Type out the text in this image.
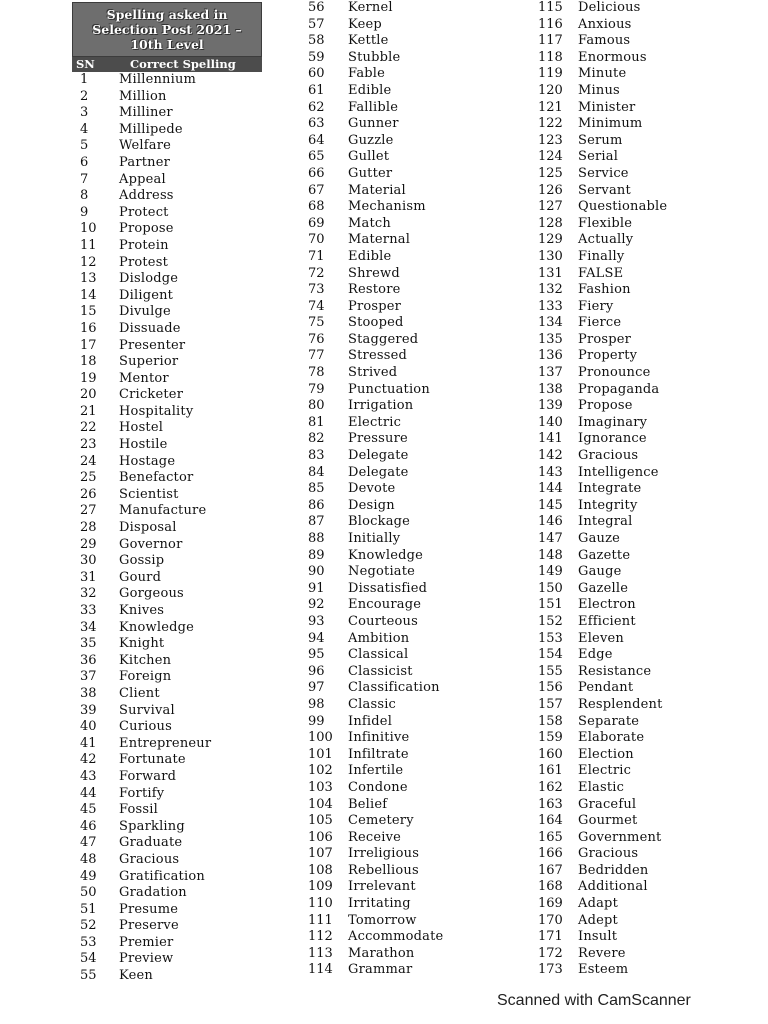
Spelling asked in
Selection Post 2021 –
10th Level
SN	Correct Spelling
1	Millennium
2	Million
3	Milliner
4	Millipede
5	Welfare
6	Partner
7	Appeal
8	Address
9	Protect
10	Propose
11	Protein
12	Protest
13	Dislodge
14	Diligent
15	Divulge
16	Dissuade
17	Presenter
18	Superior
19	Mentor
20	Cricketer
21	Hospitality
22	Hostel
23	Hostile
24	Hostage
25	Benefactor
26	Scientist
27	Manufacture
28	Disposal
29	Governor
30	Gossip
31	Gourd
32	Gorgeous
33	Knives
34	Knowledge
35	Knight
36	Kitchen
37	Foreign
38	Client
39	Survival
40	Curious
41	Entrepreneur
42	Fortunate
43	Forward
44	Fortify
45	Fossil
46	Sparkling
47	Graduate
48	Gracious
49	Gratification
50	Gradation
51	Presume
52	Preserve
53	Premier
54	Preview
55	Keen
56	Kernel
57	Keep
58	Kettle
59	Stubble
60	Fable
61	Edible
62	Fallible
63	Gunner
64	Guzzle
65	Gullet
66	Gutter
67	Material
68	Mechanism
69	Match
70	Maternal
71	Edible
72	Shrewd
73	Restore
74	Prosper
75	Stooped
76	Staggered
77	Stressed
78	Strived
79	Punctuation
80	Irrigation
81	Electric
82	Pressure
83	Delegate
84	Delegate
85	Devote
86	Design
87	Blockage
88	Initially
89	Knowledge
90	Negotiate
91	Dissatisfied
92	Encourage
93	Courteous
94	Ambition
95	Classical
96	Classicist
97	Classification
98	Classic
99	Infidel
100	Infinitive
101	Infiltrate
102	Infertile
103	Condone
104	Belief
105	Cemetery
106	Receive
107	Irreligious
108	Rebellious
109	Irrelevant
110	Irritating
111	Tomorrow
112	Accommodate
113	Marathon
114	Grammar
115	Delicious
116	Anxious
117	Famous
118	Enormous
119	Minute
120	Minus
121	Minister
122	Minimum
123	Serum
124	Serial
125	Service
126	Servant
127	Questionable
128	Flexible
129	Actually
130	Finally
131	FALSE
132	Fashion
133	Fiery
134	Fierce
135	Prosper
136	Property
137	Pronounce
138	Propaganda
139	Propose
140	Imaginary
141	Ignorance
142	Gracious
143	Intelligence
144	Integrate
145	Integrity
146	Integral
147	Gauze
148	Gazette
149	Gauge
150	Gazelle
151	Electron
152	Efficient
153	Eleven
154	Edge
155	Resistance
156	Pendant
157	Resplendent
158	Separate
159	Elaborate
160	Election
161	Electric
162	Elastic
163	Graceful
164	Gourmet
165	Government
166	Gracious
167	Bedridden
168	Additional
169	Adapt
170	Adept
171	Insult
172	Revere
173	Esteem
Scanned with CamScanner
